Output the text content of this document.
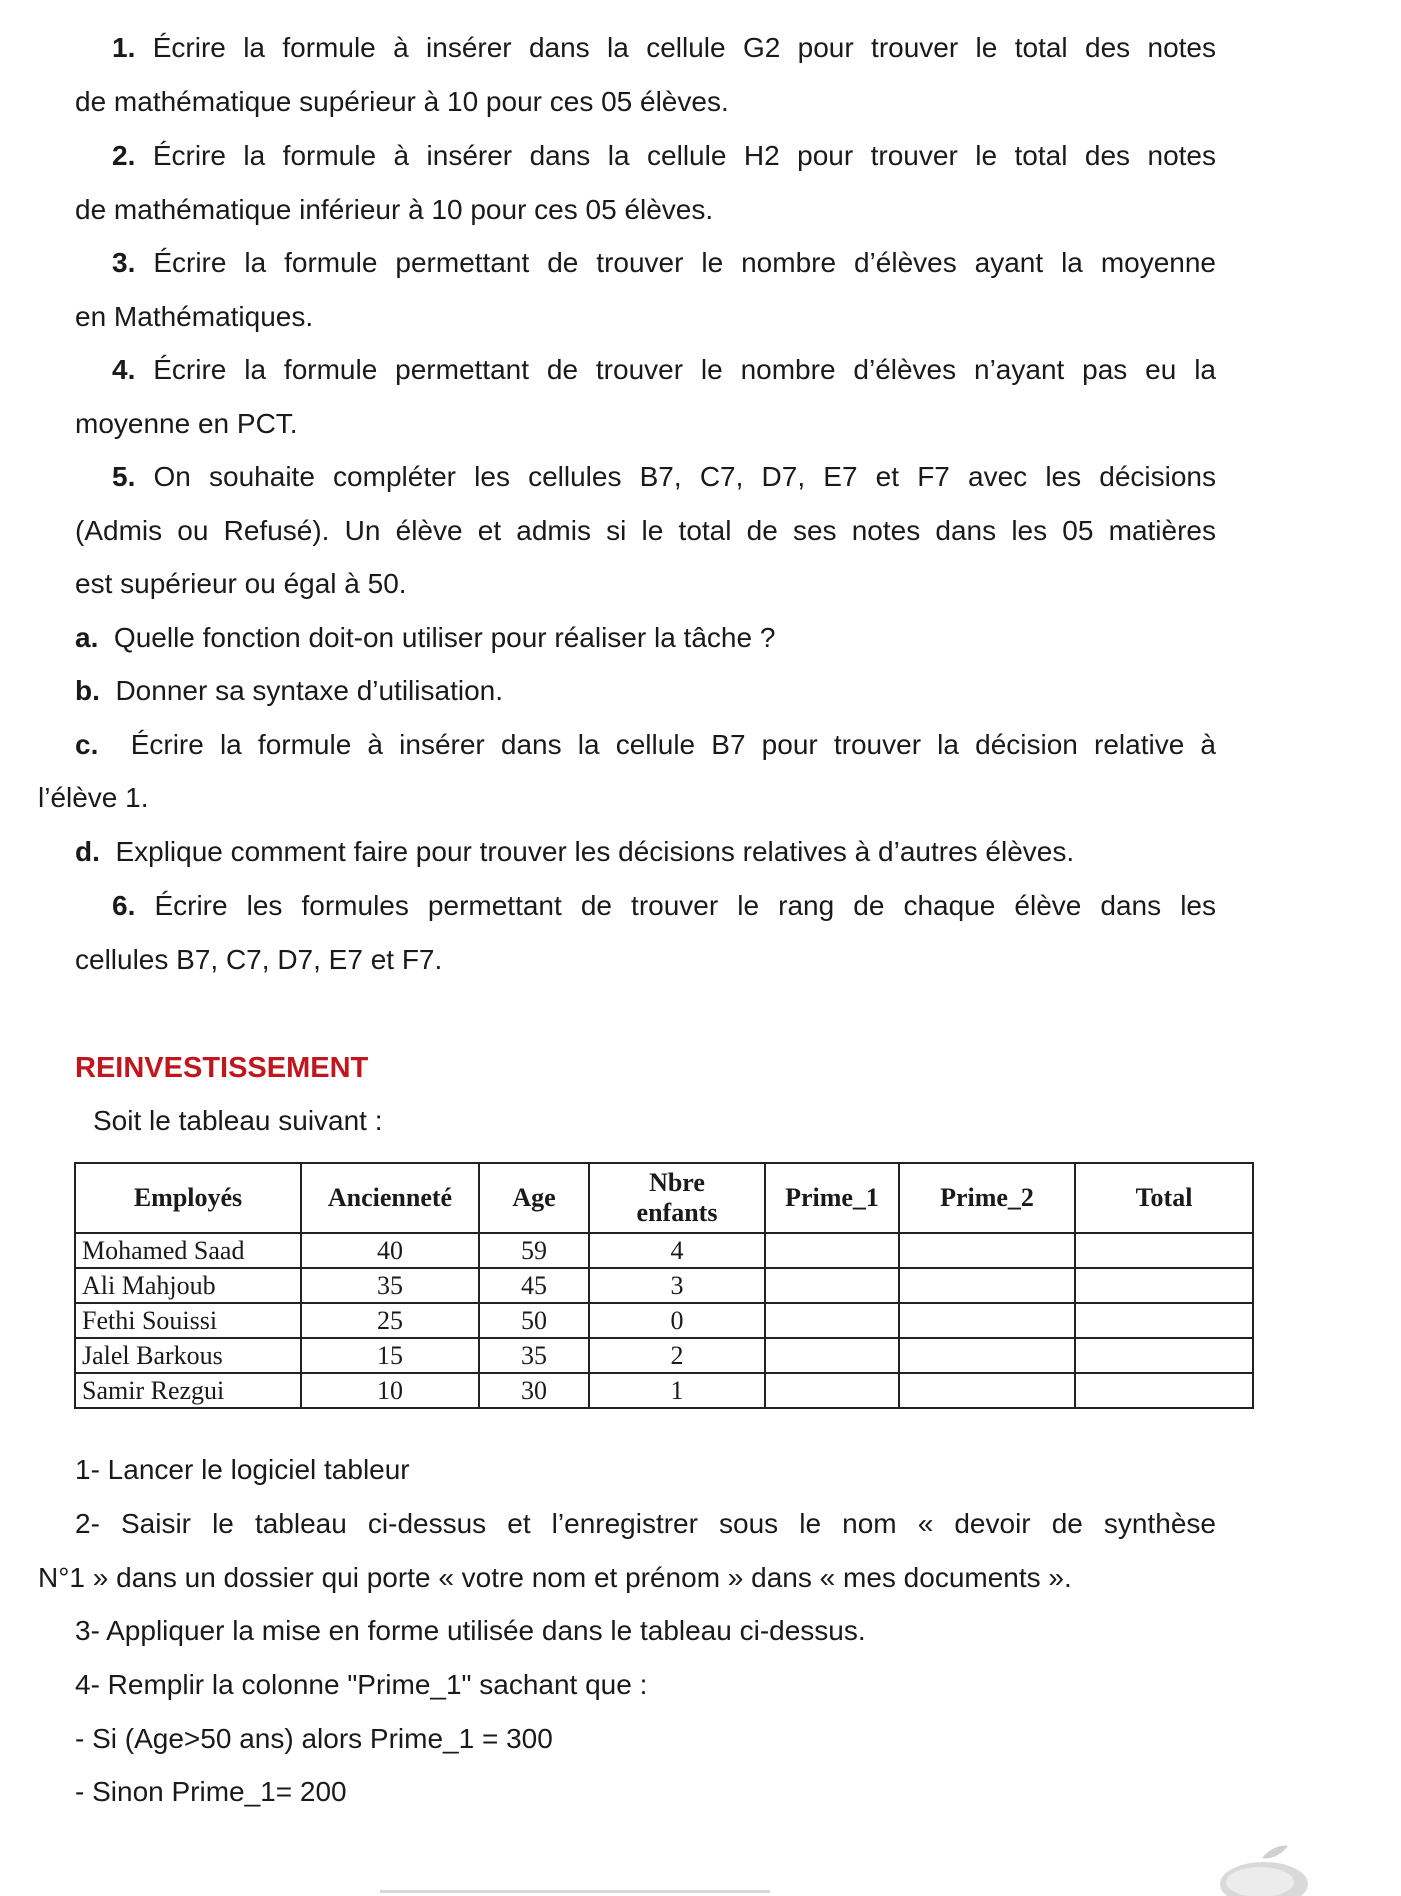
1. Écrire la formule à insérer dans la cellule G2 pour trouver le total des notes
de mathématique supérieur à 10 pour ces 05 élèves.
2. Écrire la formule à insérer dans la cellule H2 pour trouver le total des notes
de mathématique inférieur à 10 pour ces 05 élèves.
3. Écrire la formule permettant de trouver le nombre d’élèves ayant la moyenne
en Mathématiques.
4. Écrire la formule permettant de trouver le nombre d’élèves n’ayant pas eu la
moyenne en PCT.
5. On souhaite compléter les cellules B7, C7, D7, E7 et F7 avec les décisions
(Admis ou Refusé). Un élève et admis si le total de ses notes dans les 05 matières
est supérieur ou égal à 50.
a. Quelle fonction doit-on utiliser pour réaliser la tâche ?
b. Donner sa syntaxe d’utilisation.
c. Écrire la formule à insérer dans la cellule B7 pour trouver la décision relative à
l’élève 1.
d. Explique comment faire pour trouver les décisions relatives à d’autres élèves.
6. Écrire les formules permettant de trouver le rang de chaque élève dans les
cellules B7, C7, D7, E7 et F7.
REINVESTISSEMENT
Soit le tableau suivant :
Employés	Ancienneté	Age	Nbre
enfants	Prime_1	Prime_2	Total
Mohamed Saad	40	59	4			
Ali Mahjoub	35	45	3			
Fethi Souissi	25	50	0			
Jalel Barkous	15	35	2			
Samir Rezgui	10	30	1			
1- Lancer le logiciel tableur
2- Saisir le tableau ci-dessus et l’enregistrer sous le nom « devoir de synthèse
N°1 » dans un dossier qui porte « votre nom et prénom » dans « mes documents ».
3- Appliquer la mise en forme utilisée dans le tableau ci-dessus.
4- Remplir la colonne "Prime_1" sachant que :
- Si (Age>50 ans) alors Prime_1 = 300
- Sinon Prime_1= 200
